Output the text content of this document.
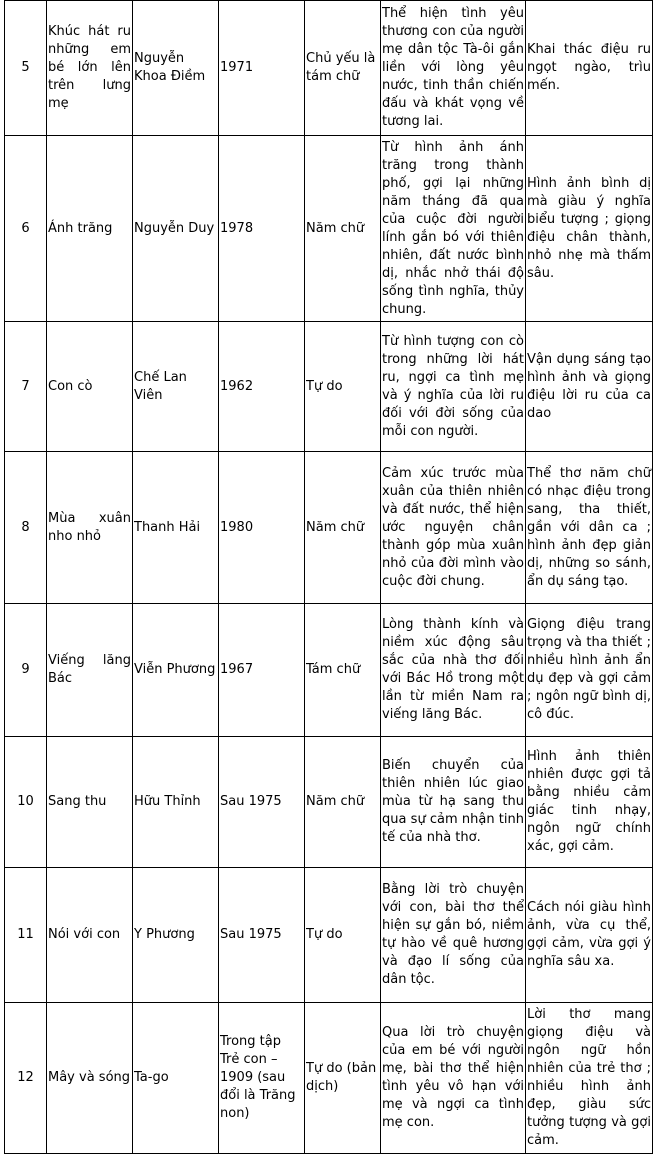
5	Khúc hát ru những em bé lớn lên trên lưng mẹ	Nguyễn Khoa Điềm	1971	Chủ yếu là tám chữ	Thể hiện tình yêu thương con của người mẹ dân tộc Tà-ôi gắn liền với lòng yêu nước, tinh thần chiến đấu và khát vọng về tương lai.	Khai thác điệu ru ngọt ngào, trìu mến.
6	Ánh trăng	Nguyễn Duy	1978	Năm chữ	Từ hình ảnh ánh trăng trong thành phố, gợi lại những năm tháng đã qua của cuộc đời người lính gắn bó với thiên nhiên, đất nước bình dị, nhắc nhở thái độ sống tình nghĩa, thủy chung.	Hình ảnh bình dị mà giàu ý nghĩa biểu tượng ; giọng điệu chân thành, nhỏ nhẹ mà thấm sâu.
7	Con cò	Chế Lan Viên	1962	Tự do	Từ hình tượng con cò trong những lời hát ru, ngợi ca tình mẹ và ý nghĩa của lời ru đối với đời sống của mỗi con người.	Vận dụng sáng tạo hình ảnh và giọng điệu lời ru của ca dao
8	Mùa xuân nho nhỏ	Thanh Hải	1980	Năm chữ	Cảm xúc trước mùa xuân của thiên nhiên và đất nước, thể hiện ước nguyện chân thành góp mùa xuân nhỏ của đời mình vào cuộc đời chung.	Thể thơ năm chữ có nhạc điệu trong sang, tha thiết, gần với dân ca ; hình ảnh đẹp giản dị, những so sánh, ẩn dụ sáng tạo.
9	Viếng lăng Bác	Viễn Phương	1967	Tám chữ	Lòng thành kính và niềm xúc động sâu sắc của nhà thơ đối với Bác Hồ trong một lần từ miền Nam ra viếng lăng Bác.	Giọng điệu trang trọng và tha thiết ; nhiều hình ảnh ẩn dụ đẹp và gợi cảm ; ngôn ngữ bình dị, cô đúc.
10	Sang thu	Hữu Thỉnh	Sau 1975	Năm chữ	Biến chuyển của thiên nhiên lúc giao mùa từ hạ sang thu qua sự cảm nhận tinh tế của nhà thơ.	Hình ảnh thiên nhiên được gợi tả bằng nhiều cảm giác tinh nhạy, ngôn ngữ chính xác, gợi cảm.
11	Nói với con	Y Phương	Sau 1975	Tự do	Bằng lời trò chuyện với con, bài thơ thể hiện sự gắn bó, niềm tự hào về quê hương và đạo lí sống của dân tộc.	Cách nói giàu hình ảnh, vừa cụ thể, gợi cảm, vừa gợi ý nghĩa sâu xa.
12	Mây và sóng	Ta-go	Trong tập Trẻ con – 1909 (sau đổi là Trăng non)	Tự do (bản dịch)	Qua lời trò chuyện của em bé với người mẹ, bài thơ thể hiện tình yêu vô hạn với mẹ và ngợi ca tình mẹ con.	Lời thơ mang giọng điệu và ngôn ngữ hồn nhiên của trẻ thơ ; nhiều hình ảnh đẹp, giàu sức tưởng tượng và gợi cảm.
